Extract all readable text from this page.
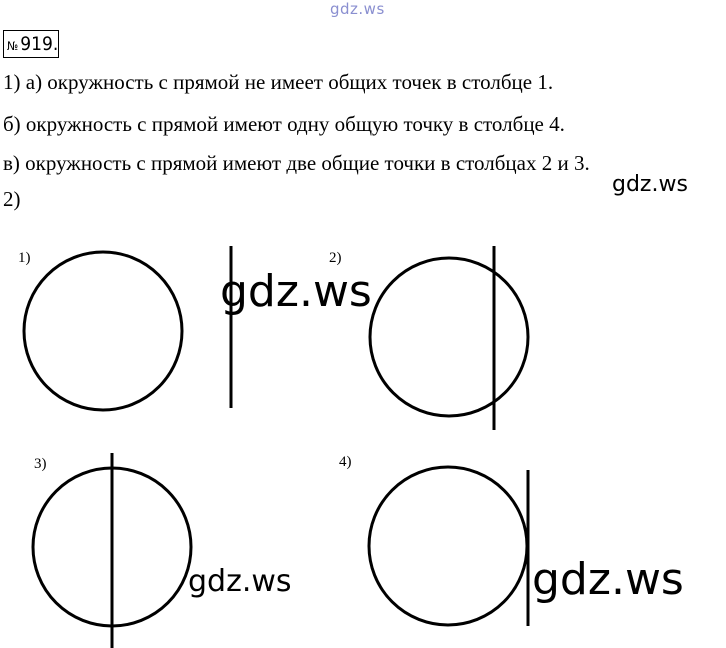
gdz.ws
№ 919.
1) а) окружность с прямой не имеет общих точек в столбце 1.
б) окружность с прямой имеют одну общую точку в столбце 4.
в) окружность с прямой имеют две общие точки в столбцах 2 и 3.
2)
gdz.ws
1)	2)
3)	4)
gdz.ws
gdz.ws	gdz.ws
